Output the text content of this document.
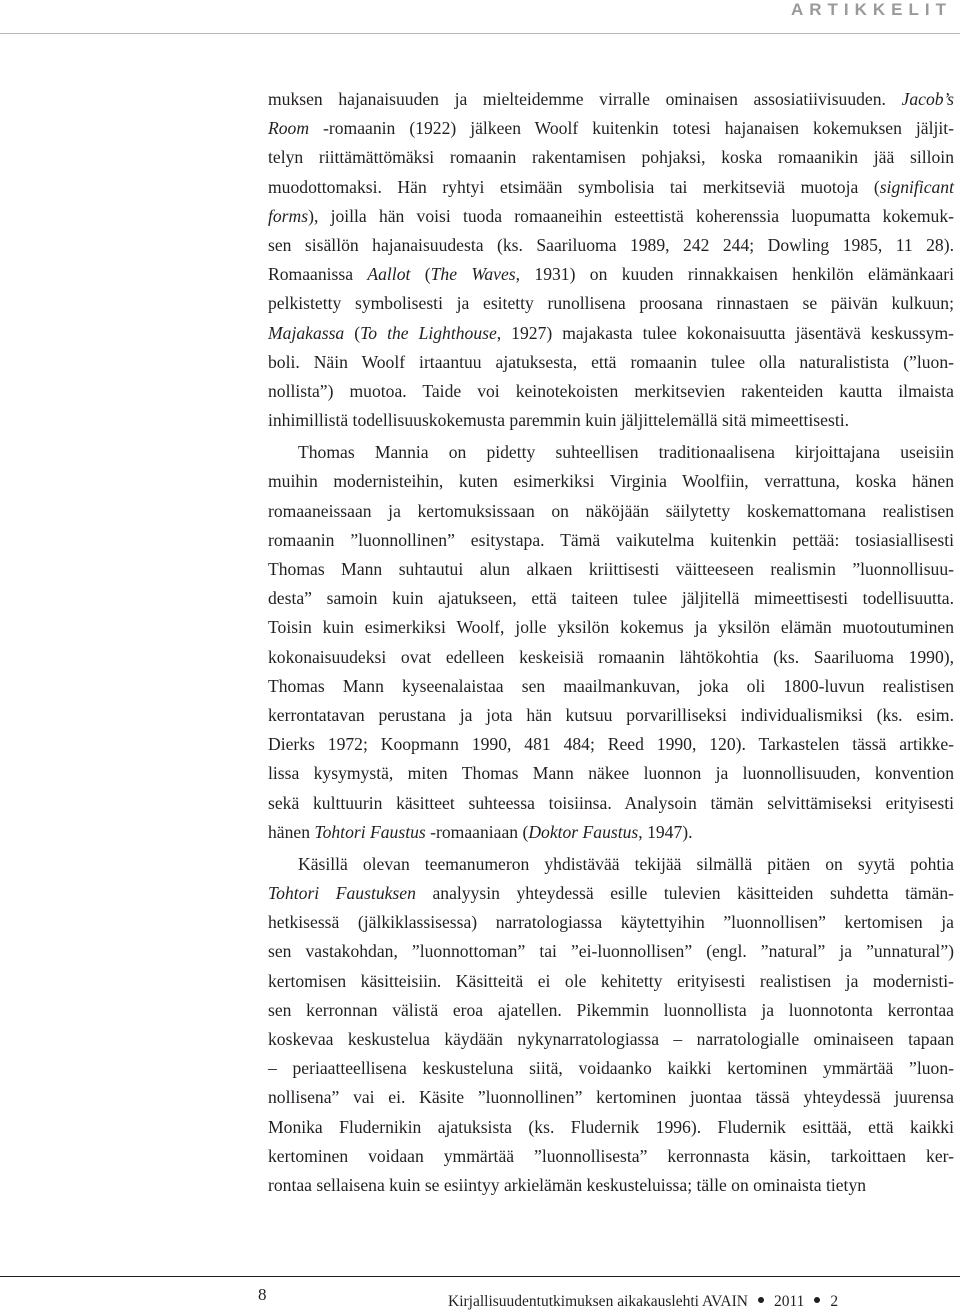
ARTIKKELIT
muksen hajanaisuuden ja mielteidemme virralle ominaisen assosiatiivisuuden. Jacob’s
Room -romaanin (1922) jälkeen Woolf kuitenkin totesi hajanaisen kokemuksen jäljit-
telyn riittämättömäksi romaanin rakentamisen pohjaksi, koska romaanikin jää silloin
muodottomaksi. Hän ryhtyi etsimään symbolisia tai merkitseviä muotoja (significant
forms), joilla hän voisi tuoda romaaneihin esteettistä koherenssia luopumatta kokemuk-
sen sisällön hajanaisuudesta (ks. Saariluoma 1989, 242 244; Dowling 1985, 11 28).
Romaanissa Aallot (The Waves, 1931) on kuuden rinnakkaisen henkilön elämänkaari
pelkistetty symbolisesti ja esitetty runollisena proosana rinnastaen se päivän kulkuun;
Majakassa (To the Lighthouse, 1927) majakasta tulee kokonaisuutta jäsentävä keskussym-
boli. Näin Woolf irtaantuu ajatuksesta, että romaanin tulee olla naturalistista (”luon-
nollista”) muotoa. Taide voi keinotekoisten merkitsevien rakenteiden kautta ilmaista
inhimillistä todellisuuskokemusta paremmin kuin jäljittelemällä sitä mimeettisesti.
Thomas Mannia on pidetty suhteellisen traditionaalisena kirjoittajana useisiin
muihin modernisteihin, kuten esimerkiksi Virginia Woolfiin, verrattuna, koska hänen
romaaneissaan ja kertomuksissaan on näköjään säilytetty koskemattomana realistisen
romaanin ”luonnollinen” esitystapa. Tämä vaikutelma kuitenkin pettää: tosiasiallisesti
Thomas Mann suhtautui alun alkaen kriittisesti väitteeseen realismin ”luonnollisuu-
desta” samoin kuin ajatukseen, että taiteen tulee jäljitellä mimeettisesti todellisuutta.
Toisin kuin esimerkiksi Woolf, jolle yksilön kokemus ja yksilön elämän muotoutuminen
kokonaisuudeksi ovat edelleen keskeisiä romaanin lähtökohtia (ks. Saariluoma 1990),
Thomas Mann kyseenalaistaa sen maailmankuvan, joka oli 1800-luvun realistisen
kerrontatavan perustana ja jota hän kutsuu porvarilliseksi individualismiksi (ks. esim.
Dierks 1972; Koopmann 1990, 481 484; Reed 1990, 120). Tarkastelen tässä artikke-
lissa kysymystä, miten Thomas Mann näkee luonnon ja luonnollisuuden, konvention
sekä kulttuurin käsitteet suhteessa toisiinsa. Analysoin tämän selvittämiseksi erityisesti
hänen Tohtori Faustus -romaaniaan (Doktor Faustus, 1947).
Käsillä olevan teemanumeron yhdistävää tekijää silmällä pitäen on syytä pohtia
Tohtori Faustuksen analyysin yhteydessä esille tulevien käsitteiden suhdetta tämän-
hetkisessä (jälkiklassisessa) narratologiassa käytettyihin ”luonnollisen” kertomisen ja
sen vastakohdan, ”luonnottoman” tai ”ei-luonnollisen” (engl. ”natural” ja ”unnatural”)
kertomisen käsitteisiin. Käsitteitä ei ole kehitetty erityisesti realistisen ja modernisti-
sen kerronnan välistä eroa ajatellen. Pikemmin luonnollista ja luonnotonta kerrontaa
koskevaa keskustelua käydään nykynarratologiassa – narratologialle ominaiseen tapaan
– periaatteellisena keskusteluna siitä, voidaanko kaikki kertominen ymmärtää ”luon-
nollisena” vai ei. Käsite ”luonnollinen” kertominen juontaa tässä yhteydessä juurensa
Monika Fludernikin ajatuksista (ks. Fludernik 1996). Fludernik esittää, että kaikki
kertominen voidaan ymmärtää ”luonnollisesta” kerronnasta käsin, tarkoittaen ker-
rontaa sellaisena kuin se esiintyy arkielämän keskusteluissa; tälle on ominaista tietyn
8	Kirjallisuudentutkimuksen aikakauslehti AVAIN 2011 2
